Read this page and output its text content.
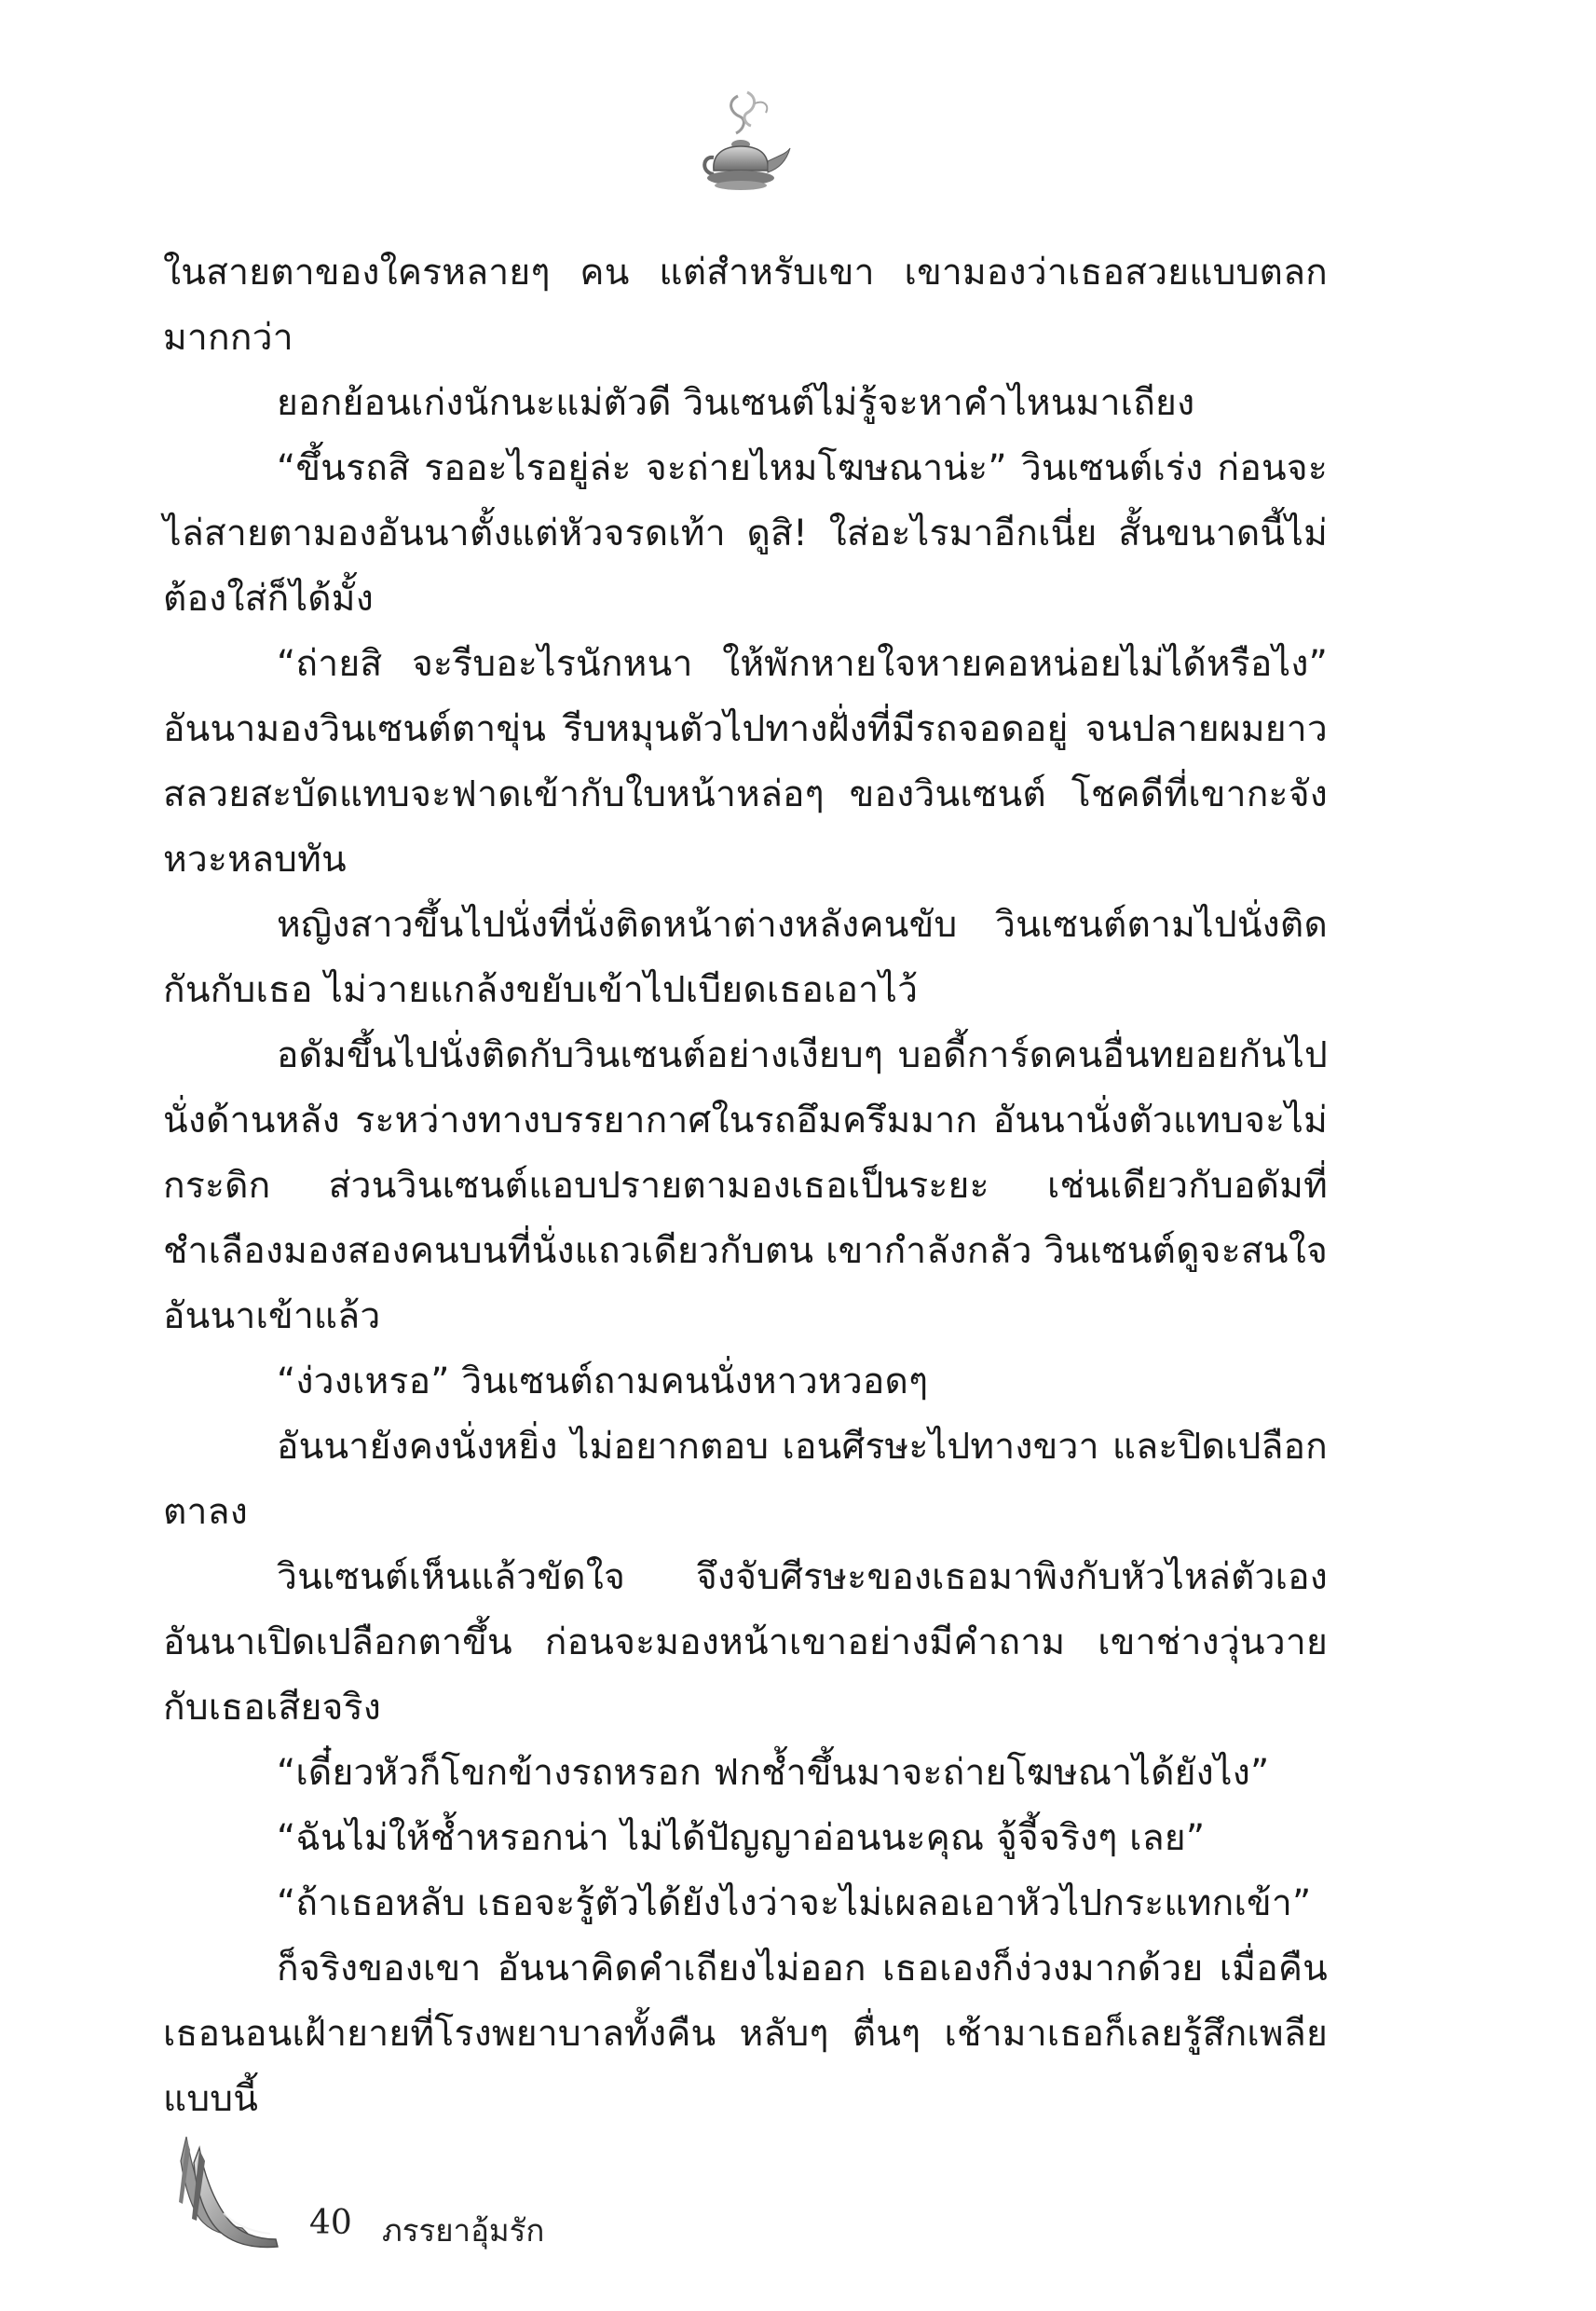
ในสายตาของใครหลายๆ คน แต่สำหรับเขา เขามองว่าเธอสวยแบบตลกมากกว่า

ยอกย้อนเก่งนักนะแม่ตัวดี วินเซนต์ไม่รู้จะหาคำไหนมาเถียง

“ขึ้นรถสิ รออะไรอยู่ล่ะ จะถ่ายไหมโฆษณาน่ะ” วินเซนต์เร่ง ก่อนจะไล่สายตามองอันนาตั้งแต่หัวจรดเท้า ดูสิ! ใส่อะไรมาอีกเนี่ย สั้นขนาดนี้ไม่ต้องใส่ก็ได้มั้ง

“ถ่ายสิ จะรีบอะไรนักหนา ให้พักหายใจหายคอหน่อยไม่ได้หรือไง” อันนามองวินเซนต์ตาขุ่น รีบหมุนตัวไปทางฝั่งที่มีรถจอดอยู่ จนปลายผมยาวสลวยสะบัดแทบจะฟาดเข้ากับใบหน้าหล่อๆ ของวินเซนต์ โชคดีที่เขากะจังหวะหลบทัน

หญิงสาวขึ้นไปนั่งที่นั่งติดหน้าต่างหลังคนขับ วินเซนต์ตามไปนั่งติดกันกับเธอ ไม่วายแกล้งขยับเข้าไปเบียดเธอเอาไว้

อดัมขึ้นไปนั่งติดกับวินเซนต์อย่างเงียบๆ บอดี้การ์ดคนอื่นทยอยกันไปนั่งด้านหลัง ระหว่างทางบรรยากาศในรถอึมครึมมาก อันนานั่งตัวแทบจะไม่กระดิก ส่วนวินเซนต์แอบปรายตามองเธอเป็นระยะ เช่นเดียวกับอดัมที่ชำเลืองมองสองคนบนที่นั่งแถวเดียวกับตน เขากำลังกลัว วินเซนต์ดูจะสนใจอันนาเข้าแล้ว

“ง่วงเหรอ” วินเซนต์ถามคนนั่งหาวหวอดๆ

อันนายังคงนั่งหยิ่ง ไม่อยากตอบ เอนศีรษะไปทางขวา และปิดเปลือกตาลง

วินเซนต์เห็นแล้วขัดใจ จึงจับศีรษะของเธอมาพิงกับหัวไหล่ตัวเอง อันนาเปิดเปลือกตาขึ้น ก่อนจะมองหน้าเขาอย่างมีคำถาม เขาช่างวุ่นวายกับเธอเสียจริง

“เดี๋ยวหัวก็โขกข้างรถหรอก ฟกช้ำขึ้นมาจะถ่ายโฆษณาได้ยังไง”

“ฉันไม่ให้ช้ำหรอกน่า ไม่ได้ปัญญาอ่อนนะคุณ จู้จี้จริงๆ เลย”

“ถ้าเธอหลับ เธอจะรู้ตัวได้ยังไงว่าจะไม่เผลอเอาหัวไปกระแทกเข้า”

ก็จริงของเขา อันนาคิดคำเถียงไม่ออก เธอเองก็ง่วงมากด้วย เมื่อคืนเธอนอนเฝ้ายายที่โรงพยาบาลทั้งคืน หลับๆ ตื่นๆ เช้ามาเธอก็เลยรู้สึกเพลียแบบนี้

40 ภรรยาอุ้มรัก
